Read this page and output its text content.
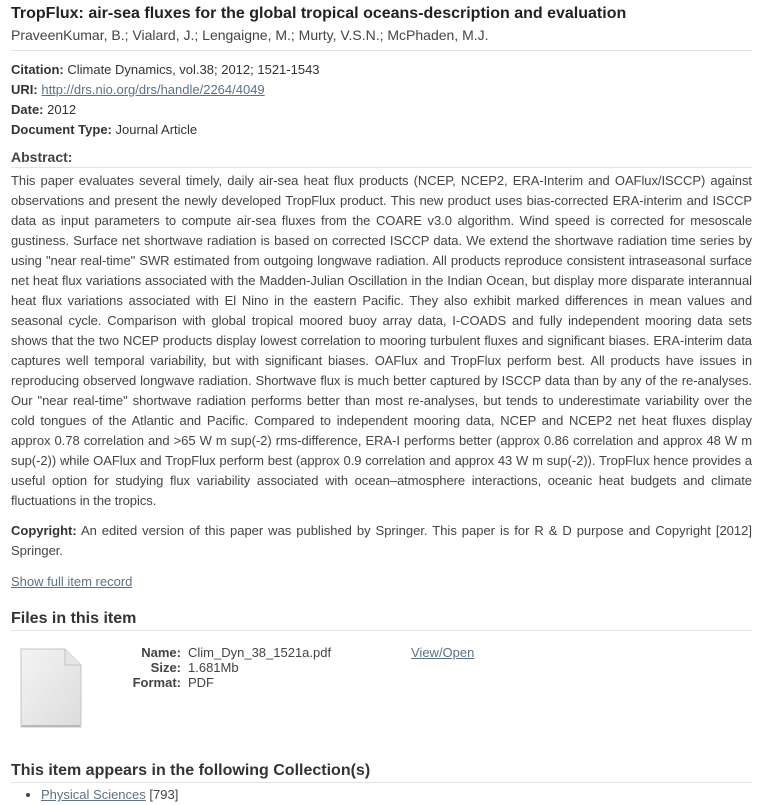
TropFlux: air-sea fluxes for the global tropical oceans-description and evaluation
PraveenKumar, B.; Vialard, J.; Lengaigne, M.; Murty, V.S.N.; McPhaden, M.J.
Citation: Climate Dynamics, vol.38; 2012; 1521-1543
URI: http://drs.nio.org/drs/handle/2264/4049
Date: 2012
Document Type: Journal Article
Abstract:
This paper evaluates several timely, daily air-sea heat flux products (NCEP, NCEP2, ERA-Interim and OAFlux/ISCCP) against observations and present the newly developed TropFlux product. This new product uses bias-corrected ERA-interim and ISCCP data as input parameters to compute air-sea fluxes from the COARE v3.0 algorithm. Wind speed is corrected for mesoscale gustiness. Surface net shortwave radiation is based on corrected ISCCP data. We extend the shortwave radiation time series by using "near real-time" SWR estimated from outgoing longwave radiation. All products reproduce consistent intraseasonal surface net heat flux variations associated with the Madden-Julian Oscillation in the Indian Ocean, but display more disparate interannual heat flux variations associated with El Nino in the eastern Pacific. They also exhibit marked differences in mean values and seasonal cycle. Comparison with global tropical moored buoy array data, I-COADS and fully independent mooring data sets shows that the two NCEP products display lowest correlation to mooring turbulent fluxes and significant biases. ERA-interim data captures well temporal variability, but with significant biases. OAFlux and TropFlux perform best. All products have issues in reproducing observed longwave radiation. Shortwave flux is much better captured by ISCCP data than by any of the re-analyses. Our "near real-time" shortwave radiation performs better than most re-analyses, but tends to underestimate variability over the cold tongues of the Atlantic and Pacific. Compared to independent mooring data, NCEP and NCEP2 net heat fluxes display approx 0.78 correlation and >65 W m sup(-2) rms-difference, ERA-I performs better (approx 0.86 correlation and approx 48 W m sup(-2)) while OAFlux and TropFlux perform best (approx 0.9 correlation and approx 43 W m sup(-2)). TropFlux hence provides a useful option for studying flux variability associated with ocean–atmosphere interactions, oceanic heat budgets and climate fluctuations in the tropics.
Copyright: An edited version of this paper was published by Springer. This paper is for R & D purpose and Copyright [2012] Springer.
Show full item record
Files in this item
Name: Clim_Dyn_38_1521a.pdf
Size: 1.681Mb
Format: PDF
View/Open
This item appears in the following Collection(s)
• Physical Sciences [793]
